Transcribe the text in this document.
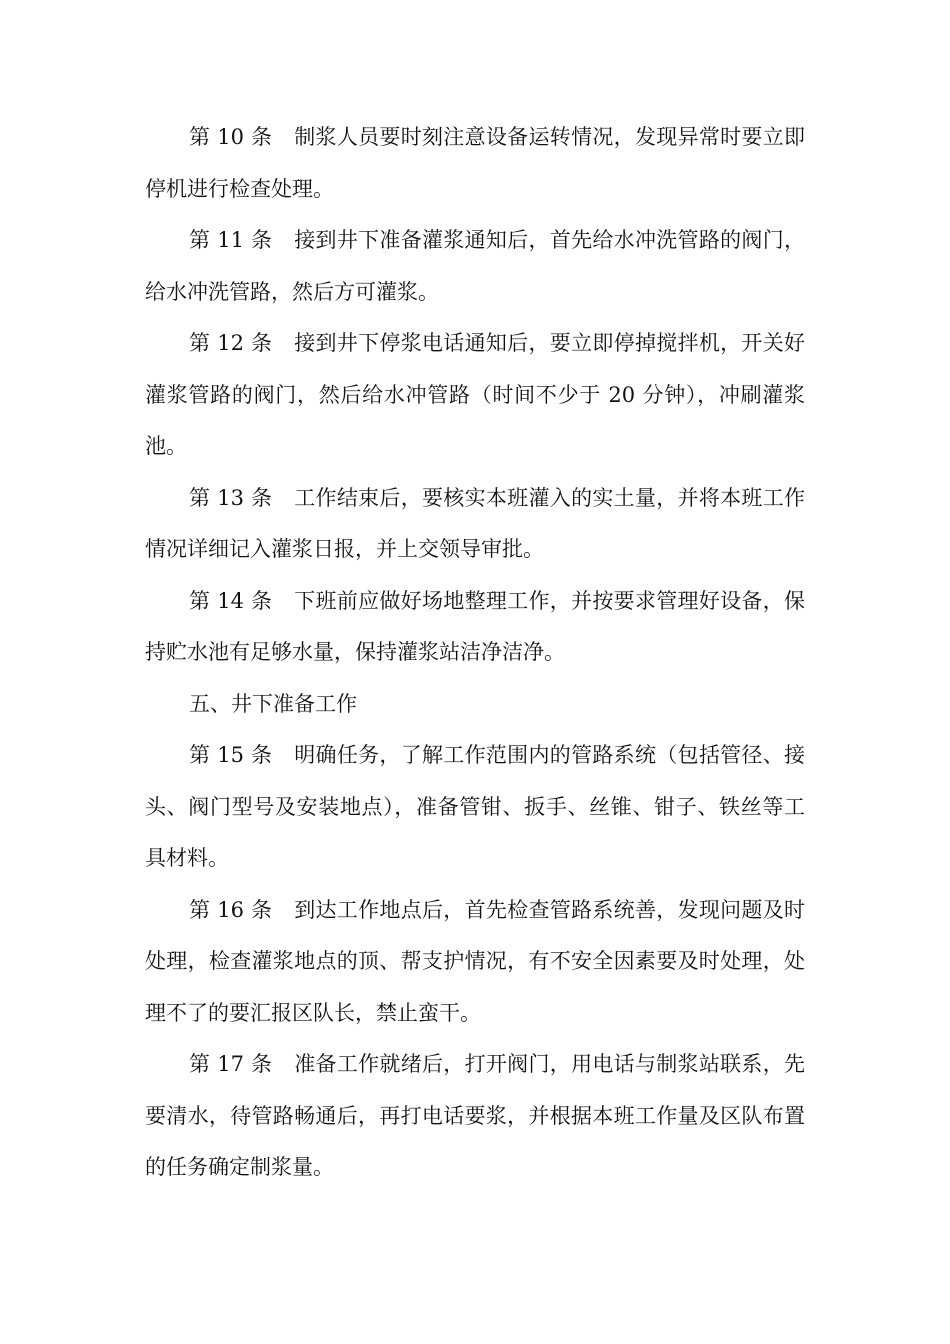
第 10 条 制浆人员要时刻注意设备运转情况，发现异常时要立即停机进行检查处理。

第 11 条 接到井下准备灌浆通知后，首先给水冲洗管路的阀门，给水冲洗管路，然后方可灌浆。

第 12 条 接到井下停浆电话通知后，要立即停掉搅拌机，开关好灌浆管路的阀门，然后给水冲管路（时间不少于 20 分钟），冲刷灌浆池。

第 13 条 工作结束后，要核实本班灌入的实土量，并将本班工作情况详细记入灌浆日报，并上交领导审批。

第 14 条 下班前应做好场地整理工作，并按要求管理好设备，保持贮水池有足够水量，保持灌浆站洁净洁净。

五、井下准备工作

第 15 条 明确任务，了解工作范围内的管路系统（包括管径、接头、阀门型号及安装地点），准备管钳、扳手、丝锥、钳子、铁丝等工具材料。

第 16 条 到达工作地点后，首先检查管路系统善，发现问题及时处理，检查灌浆地点的顶、帮支护情况，有不安全因素要及时处理，处理不了的要汇报区队长，禁止蛮干。

第 17 条 准备工作就绪后，打开阀门，用电话与制浆站联系，先要清水，待管路畅通后，再打电话要浆，并根据本班工作量及区队布置的任务确定制浆量。
